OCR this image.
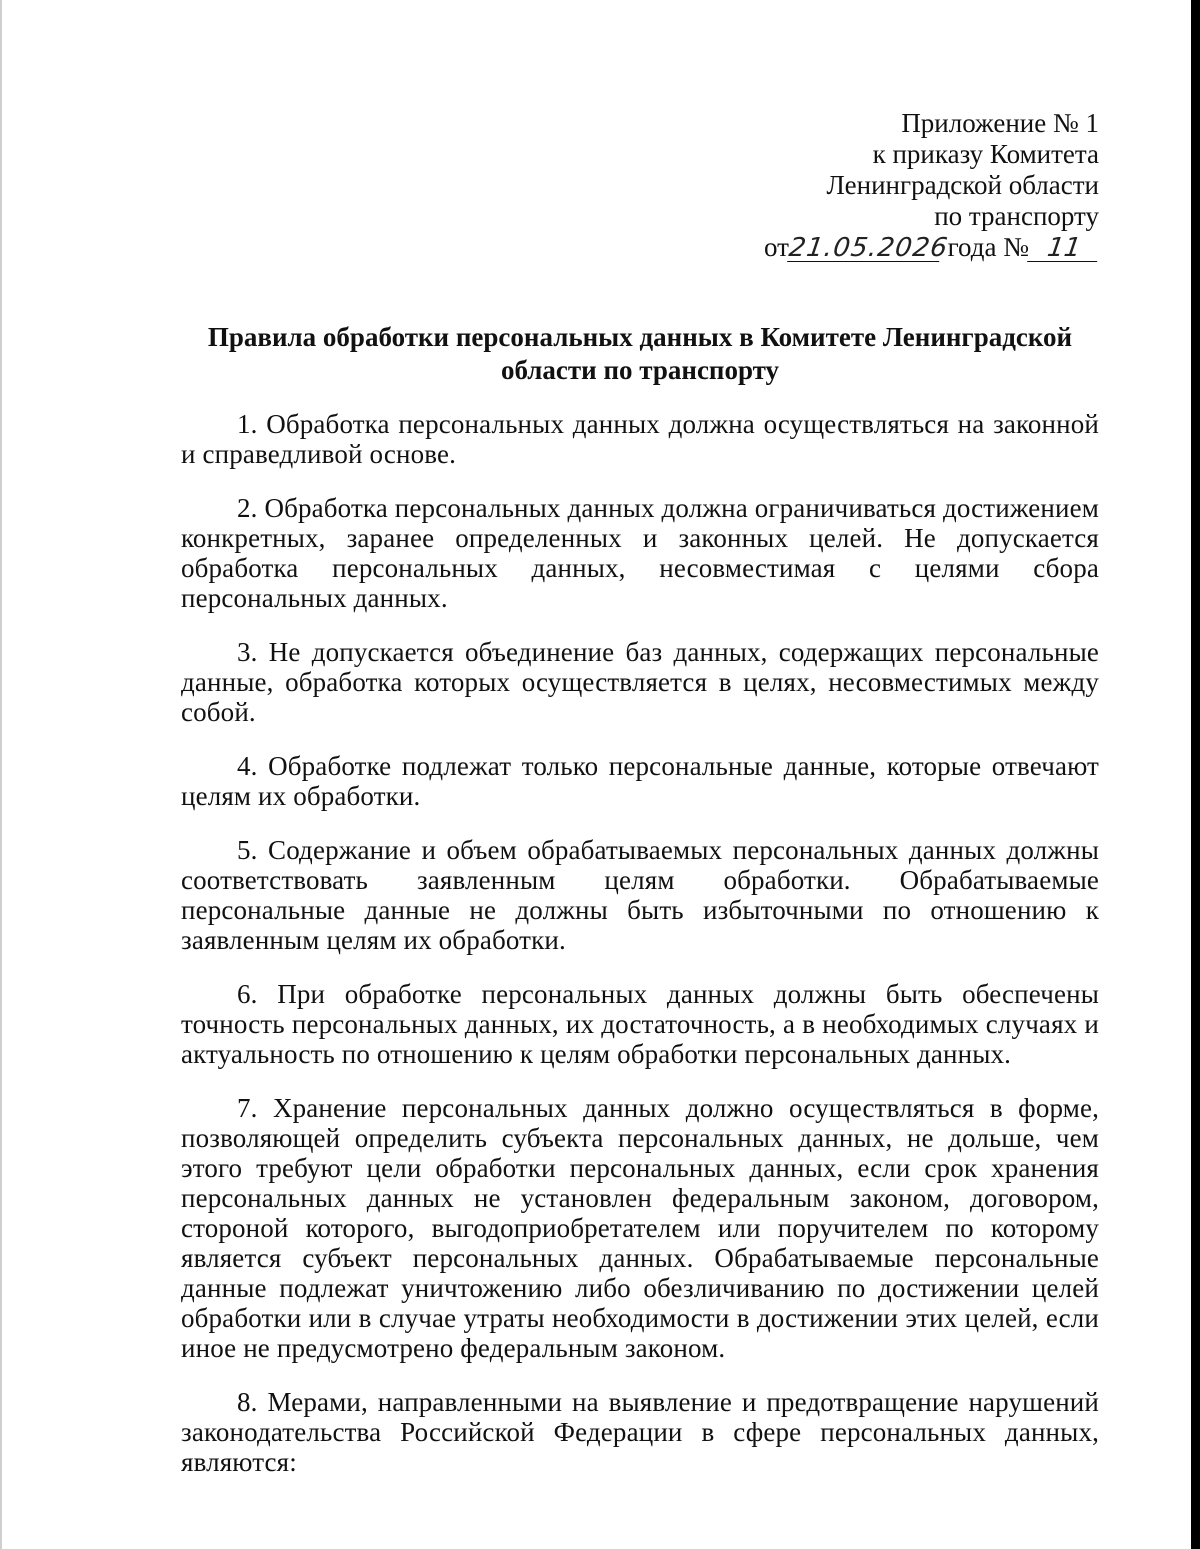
Приложение № 1
к приказу Комитета
Ленинградской области
по транспорту
от21.05.2026 года № 11
Правила обработки персональных данных в Комитете Ленинградской
области по транспорту

1. Обработка персональных данных должна осуществляться на законной и справедливой основе.

2. Обработка персональных данных должна ограничиваться достижением конкретных, заранее определенных и законных целей. Не допускается обработка персональных данных, несовместимая с целями сбора персональных данных.

3. Не допускается объединение баз данных, содержащих персональные данные, обработка которых осуществляется в целях, несовместимых между собой.

4. Обработке подлежат только персональные данные, которые отвечают целям их обработки.

5. Содержание и объем обрабатываемых персональных данных должны соответствовать заявленным целям обработки. Обрабатываемые персональные данные не должны быть избыточными по отношению к заявленным целям их обработки.

6. При обработке персональных данных должны быть обеспечены точность персональных данных, их достаточность, а в необходимых случаях и актуальность по отношению к целям обработки персональных данных.

7. Хранение персональных данных должно осуществляться в форме, позволяющей определить субъекта персональных данных, не дольше, чем этого требуют цели обработки персональных данных, если срок хранения персональных данных не установлен федеральным законом, договором, стороной которого, выгодоприобретателем или поручителем по которому является субъект персональных данных. Обрабатываемые персональные данные подлежат уничтожению либо обезличиванию по достижении целей обработки или в случае утраты необходимости в достижении этих целей, если иное не предусмотрено федеральным законом.

8. Мерами, направленными на выявление и предотвращение нарушений законодательства Российской Федерации в сфере персональных данных, являются:
